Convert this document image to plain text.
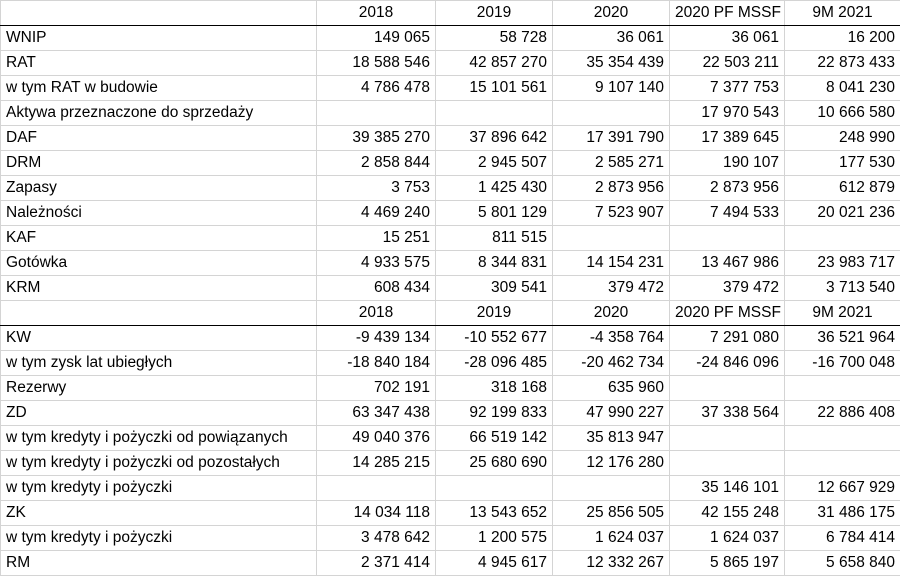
	2018	2019	2020	2020 PF MSSF	9M 2021
WNIP	149 065	58 728	36 061	36 061	16 200
RAT	18 588 546	42 857 270	35 354 439	22 503 211	22 873 433
w tym RAT w budowie	4 786 478	15 101 561	9 107 140	7 377 753	8 041 230
Aktywa przeznaczone do sprzedaży				17 970 543	10 666 580
DAF	39 385 270	37 896 642	17 391 790	17 389 645	248 990
DRM	2 858 844	2 945 507	2 585 271	190 107	177 530
Zapasy	3 753	1 425 430	2 873 956	2 873 956	612 879
Należności	4 469 240	5 801 129	7 523 907	7 494 533	20 021 236
KAF	15 251	811 515			
Gotówka	4 933 575	8 344 831	14 154 231	13 467 986	23 983 717
KRM	608 434	309 541	379 472	379 472	3 713 540
	2018	2019	2020	2020 PF MSSF	9M 2021
KW	-9 439 134	-10 552 677	-4 358 764	7 291 080	36 521 964
w tym zysk lat ubiegłych	-18 840 184	-28 096 485	-20 462 734	-24 846 096	-16 700 048
Rezerwy	702 191	318 168	635 960		
ZD	63 347 438	92 199 833	47 990 227	37 338 564	22 886 408
w tym kredyty i pożyczki od powiązanych	49 040 376	66 519 142	35 813 947		
w tym kredyty i pożyczki od pozostałych	14 285 215	25 680 690	12 176 280		
w tym kredyty i pożyczki				35 146 101	12 667 929
ZK	14 034 118	13 543 652	25 856 505	42 155 248	31 486 175
w tym kredyty i pożyczki	3 478 642	1 200 575	1 624 037	1 624 037	6 784 414
RM	2 371 414	4 945 617	12 332 267	5 865 197	5 658 840
